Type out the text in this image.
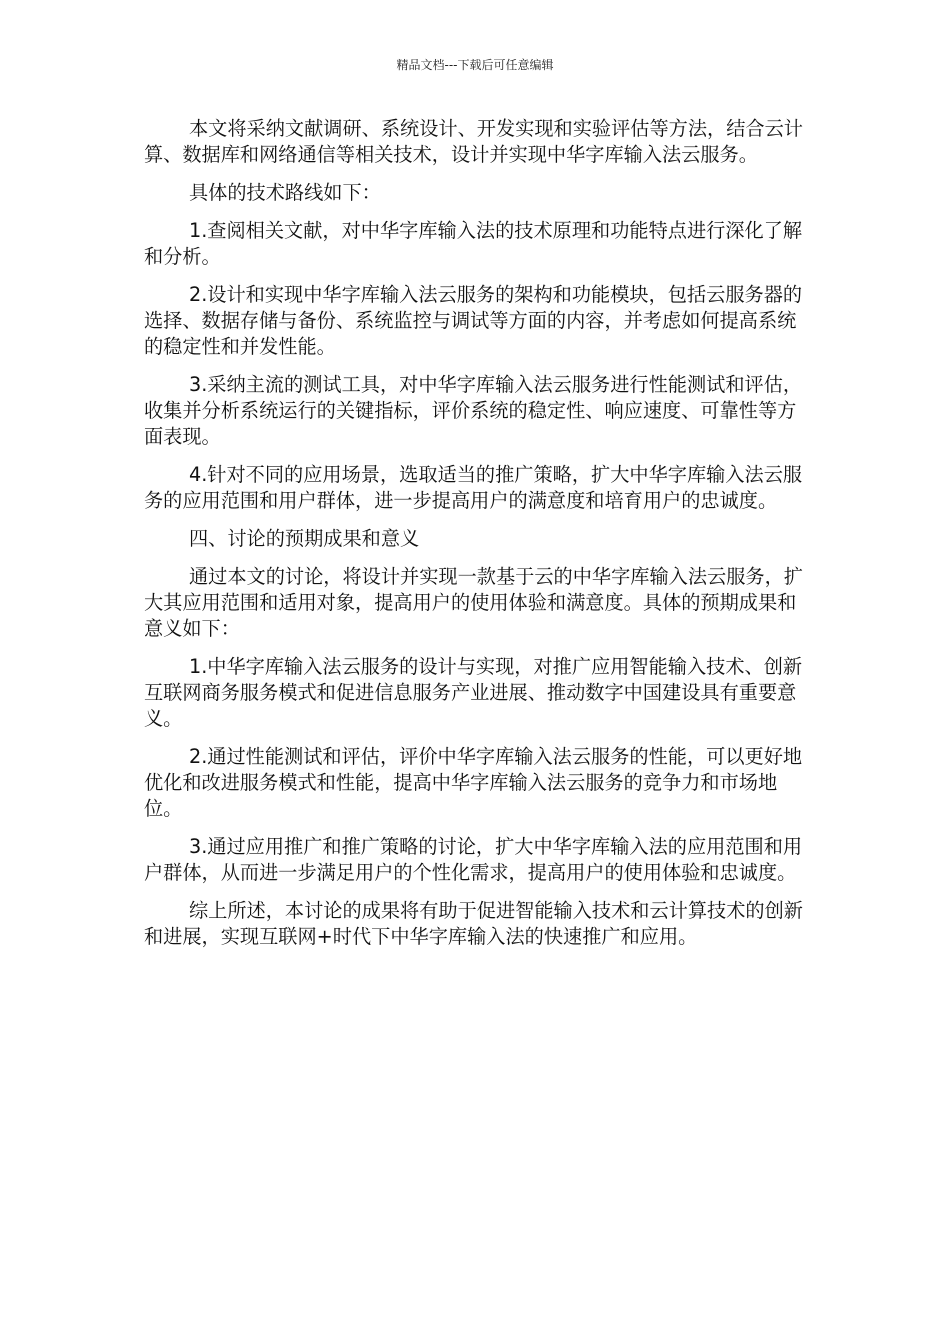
精品文档---下载后可任意编辑

本文将采纳文献调研、系统设计、开发实现和实验评估等方法，结合云计算、数据库和网络通信等相关技术，设计并实现中华字库输入法云服务。

具体的技术路线如下：

1.查阅相关文献，对中华字库输入法的技术原理和功能特点进行深化了解和分析。

2.设计和实现中华字库输入法云服务的架构和功能模块，包括云服务器的选择、数据存储与备份、系统监控与调试等方面的内容，并考虑如何提高系统的稳定性和并发性能。

3.采纳主流的测试工具，对中华字库输入法云服务进行性能测试和评估，收集并分析系统运行的关键指标，评价系统的稳定性、响应速度、可靠性等方面表现。

4.针对不同的应用场景，选取适当的推广策略，扩大中华字库输入法云服务的应用范围和用户群体，进一步提高用户的满意度和培育用户的忠诚度。

四、讨论的预期成果和意义

通过本文的讨论，将设计并实现一款基于云的中华字库输入法云服务，扩大其应用范围和适用对象，提高用户的使用体验和满意度。具体的预期成果和意义如下：

1.中华字库输入法云服务的设计与实现，对推广应用智能输入技术、创新互联网商务服务模式和促进信息服务产业进展、推动数字中国建设具有重要意义。

2.通过性能测试和评估，评价中华字库输入法云服务的性能，可以更好地优化和改进服务模式和性能，提高中华字库输入法云服务的竞争力和市场地位。

3.通过应用推广和推广策略的讨论，扩大中华字库输入法的应用范围和用户群体，从而进一步满足用户的个性化需求，提高用户的使用体验和忠诚度。

综上所述，本讨论的成果将有助于促进智能输入技术和云计算技术的创新和进展，实现互联网+时代下中华字库输入法的快速推广和应用。
